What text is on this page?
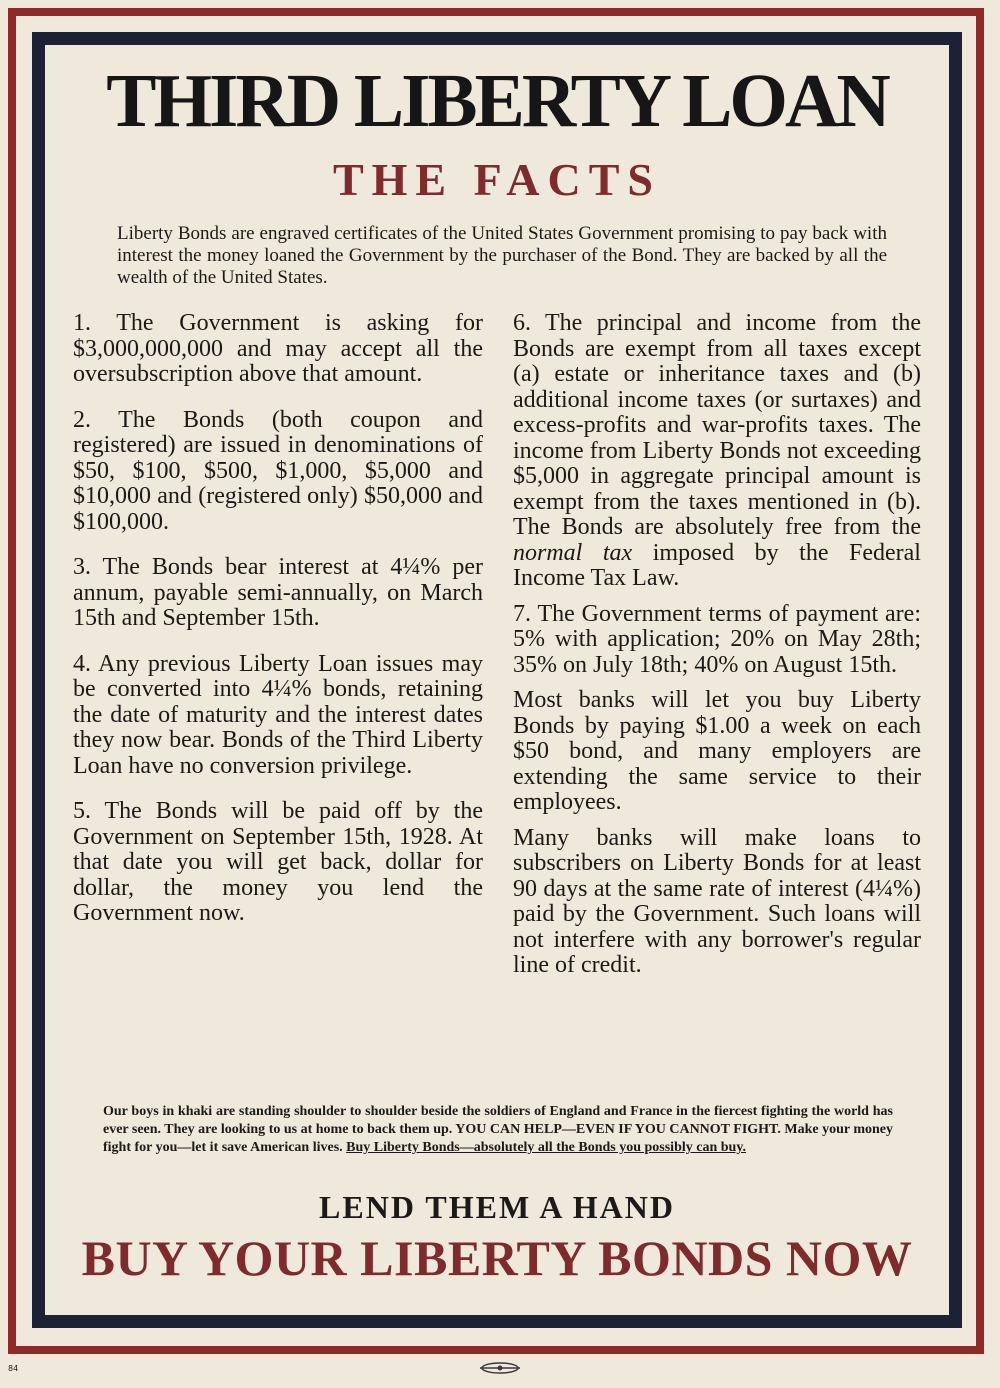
THIRD LIBERTY LOAN
THE FACTS
Liberty Bonds are engraved certificates of the United States Government promising to pay back with interest the money loaned the Government by the purchaser of the Bond. They are backed by all the wealth of the United States.

1. The Government is asking for $3,000,000,000 and may accept all the oversubscription above that amount.

2. The Bonds (both coupon and registered) are issued in denominations of $50, $100, $500, $1,000, $5,000 and $10,000 and (registered only) $50,000 and $100,000.

3. The Bonds bear interest at 4¼% per annum, payable semi-annually, on March 15th and September 15th.

4. Any previous Liberty Loan issues may be converted into 4¼% bonds, retaining the date of maturity and the interest dates they now bear. Bonds of the Third Liberty Loan have no conversion privilege.

5. The Bonds will be paid off by the Government on September 15th, 1928. At that date you will get back, dollar for dollar, the money you lend the Government now.

6. The principal and income from the Bonds are exempt from all taxes except (a) estate or inheritance taxes and (b) additional income taxes (or surtaxes) and excess-profits and war-profits taxes. The income from Liberty Bonds not exceeding $5,000 in aggregate principal amount is exempt from the taxes mentioned in (b). The Bonds are absolutely free from the normal tax imposed by the Federal Income Tax Law.

7. The Government terms of payment are: 5% with application; 20% on May 28th; 35% on July 18th; 40% on August 15th.

Most banks will let you buy Liberty Bonds by paying $1.00 a week on each $50 bond, and many employers are extending the same service to their employees.

Many banks will make loans to subscribers on Liberty Bonds for at least 90 days at the same rate of interest (4¼%) paid by the Government. Such loans will not interfere with any borrower's regular line of credit.

Our boys in khaki are standing shoulder to shoulder beside the soldiers of England and France in the fiercest fighting the world has ever seen. They are looking to us at home to back them up. YOU CAN HELP—EVEN IF YOU CANNOT FIGHT. Make your money fight for you—let it save American lives. Buy Liberty Bonds—absolutely all the Bonds you possibly can buy.
LEND THEM A HAND
BUY YOUR LIBERTY BONDS NOW
84
